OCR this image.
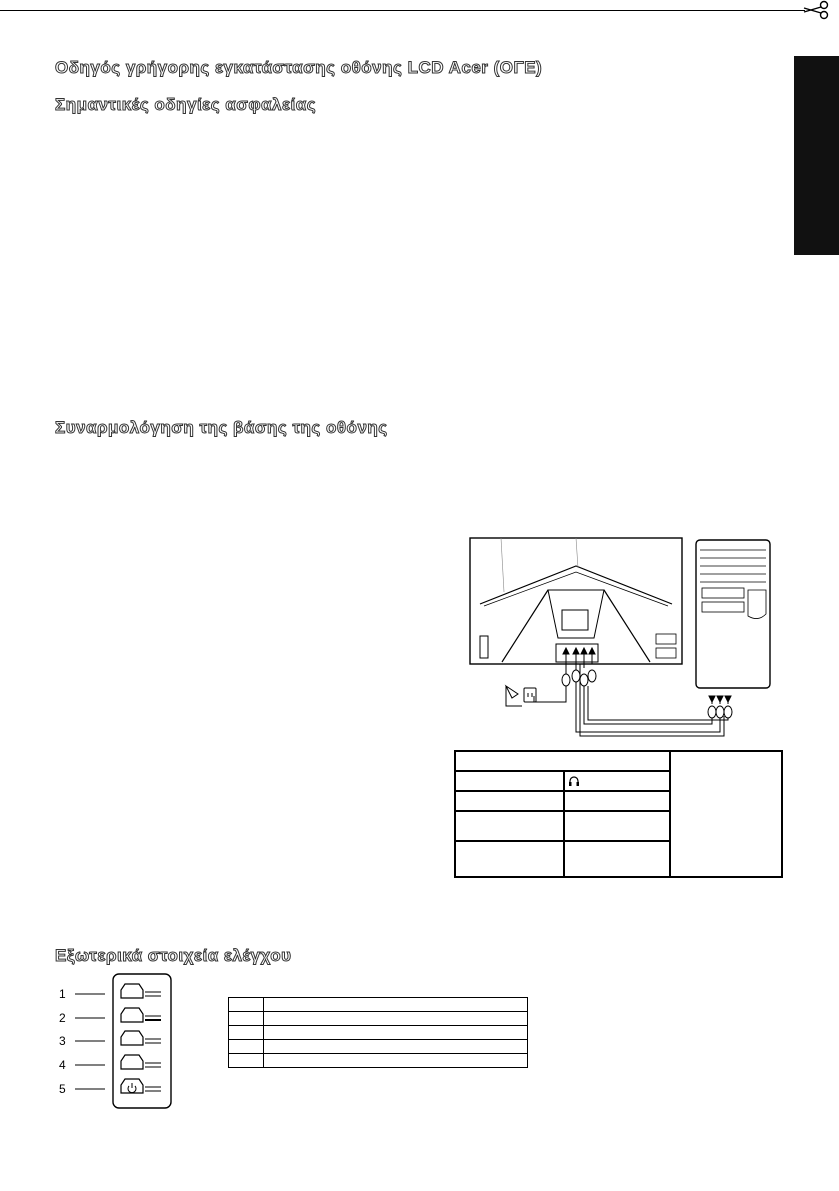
Οδηγός γρήγορης εγκατάστασης οθόνης LCD Acer (ΟΓΕ)
Σημαντικές οδηγίες ασφαλείας
Συναρμολόγηση της βάσης της οθόνης
Εξωτερικά στοιχεία ελέγχου
1
2
3
4
5
